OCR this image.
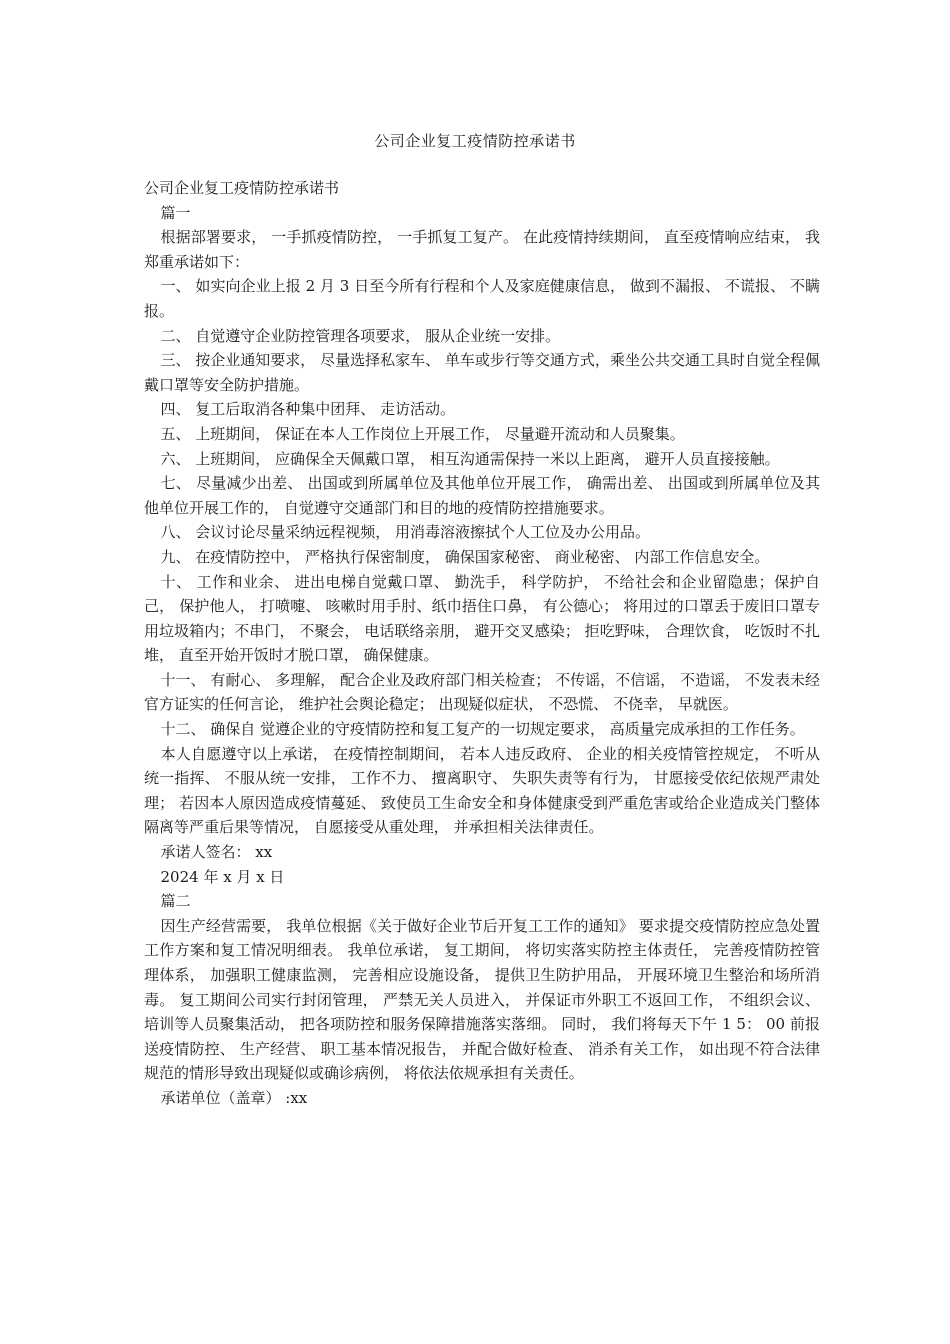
公司企业复工疫情防控承诺书

公司企业复工疫情防控承诺书

篇一

根据部署要求， 一手抓疫情防控， 一手抓复工复产。 在此疫情持续期间， 直至疫情响应结束， 我郑重承诺如下：

一、 如实向企业上报 2 月 3 日至今所有行程和个人及家庭健康信息， 做到不漏报、 不谎报、 不瞒报。

二、 自觉遵守企业防控管理各项要求， 服从企业统一安排。

三、 按企业通知要求， 尽量选择私家车、 单车或步行等交通方式，乘坐公共交通工具时自觉全程佩戴口罩等安全防护措施。

四、 复工后取消各种集中团拜、 走访活动。

五、 上班期间， 保证在本人工作岗位上开展工作， 尽量避开流动和人员聚集。

六、 上班期间， 应确保全天佩戴口罩， 相互沟通需保持一米以上距离， 避开人员直接接触。

七、 尽量减少出差、 出国或到所属单位及其他单位开展工作， 确需出差、 出国或到所属单位及其他单位开展工作的， 自觉遵守交通部门和目的地的疫情防控措施要求。

八、 会议讨论尽量采纳远程视频， 用消毒溶液擦拭个人工位及办公用品。

九、 在疫情防控中， 严格执行保密制度， 确保国家秘密、 商业秘密、 内部工作信息安全。

十、 工作和业余、 进出电梯自觉戴口罩、 勤洗手， 科学防护， 不给社会和企业留隐患；保护自己， 保护他人， 打喷嚏、 咳嗽时用手肘、纸巾捂住口鼻， 有公德心； 将用过的口罩丢于废旧口罩专用垃圾箱内；不串门， 不聚会， 电话联络亲朋， 避开交叉感染； 拒吃野味， 合理饮食， 吃饭时不扎堆， 直至开始开饭时才脱口罩， 确保健康。

十一、 有耐心、 多理解， 配合企业及政府部门相关检查； 不传谣，不信谣， 不造谣， 不发表未经官方证实的任何言论， 维护社会舆论稳定； 出现疑似症状， 不恐慌、 不侥幸， 早就医。

十二、 确保自 觉遵企业的守疫情防控和复工复产的一切规定要求， 高质量完成承担的工作任务。

本人自愿遵守以上承诺， 在疫情控制期间， 若本人违反政府、 企业的相关疫情管控规定， 不听从统一指挥、 不服从统一安排， 工作不力、 擅离职守、 失职失责等有行为， 甘愿接受依纪依规严肃处理； 若因本人原因造成疫情蔓延、 致使员工生命安全和身体健康受到严重危害或给企业造成关门整体隔离等严重后果等情况， 自愿接受从重处理， 并承担相关法律责任。

承诺人签名： xx

2024 年 x 月 x 日

篇二

因生产经营需要， 我单位根据《关于做好企业节后开复工工作的通知》 要求提交疫情防控应急处置工作方案和复工情况明细表。 我单位承诺， 复工期间， 将切实落实防控主体责任， 完善疫情防控管理体系， 加强职工健康监测， 完善相应设施设备， 提供卫生防护用品， 开展环境卫生整治和场所消毒。 复工期间公司实行封闭管理， 严禁无关人员进入， 并保证市外职工不返回工作， 不组织会议、 培训等人员聚集活动， 把各项防控和服务保障措施落实落细。 同时， 我们将每天下午 1 5： 00 前报送疫情防控、 生产经营、 职工基本情况报告， 并配合做好检查、 消杀有关工作， 如出现不符合法律规范的情形导致出现疑似或确诊病例， 将依法依规承担有关责任。

承诺单位（盖章） :xx
